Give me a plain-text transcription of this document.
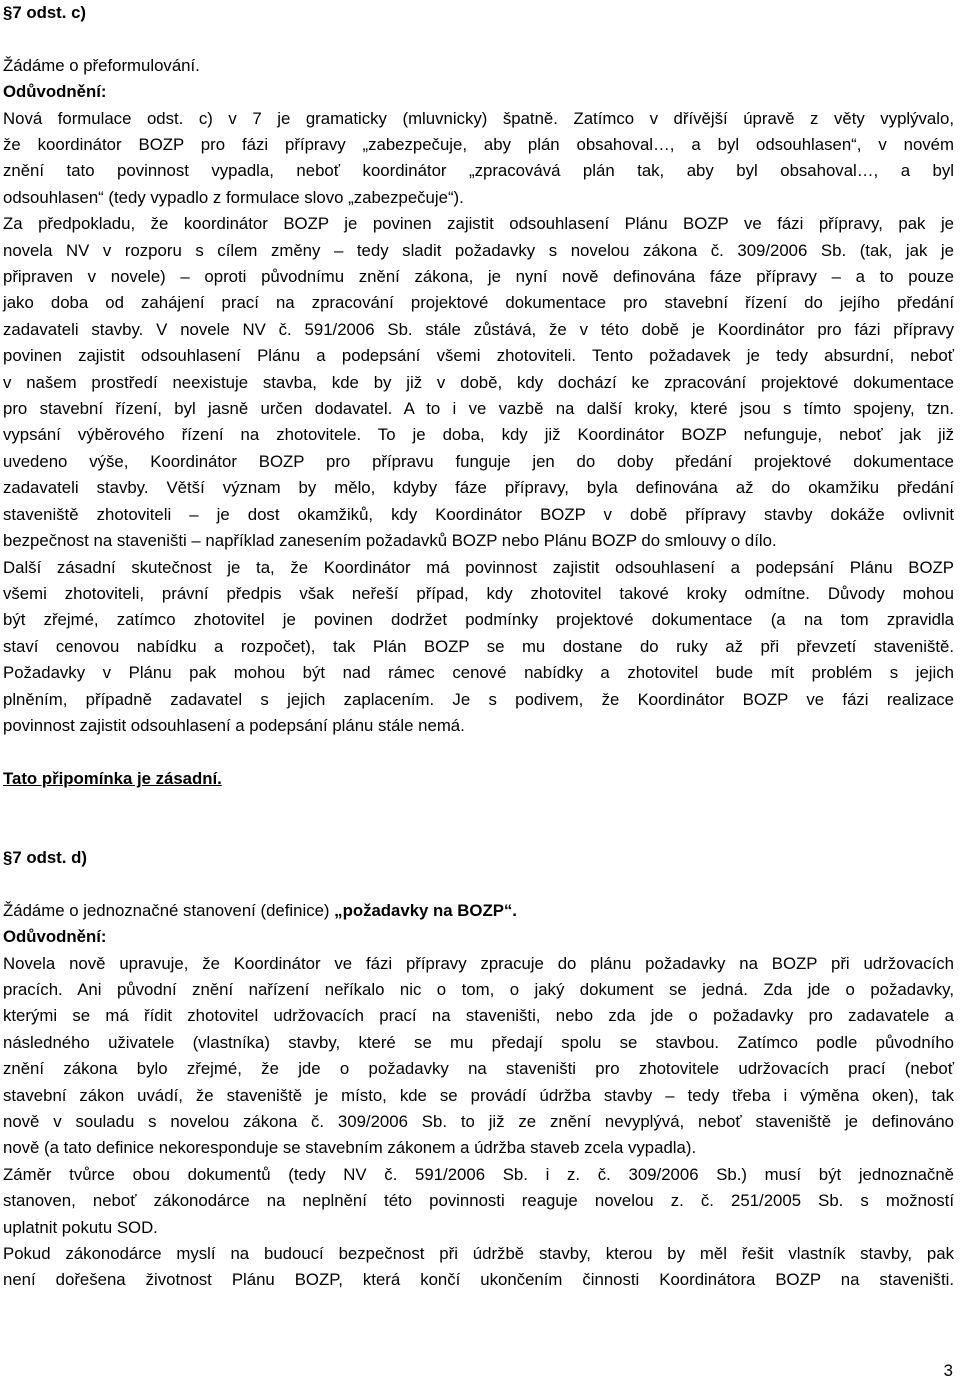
§7 odst. c)
Žádáme o přeformulování.
Odůvodnění:
Nová formulace odst. c) v 7 je gramaticky (mluvnicky) špatně. Zatímco v dřívější úpravě z věty vyplývalo,
že koordinátor BOZP pro fázi přípravy „zabezpečuje, aby plán obsahoval…, a byl odsouhlasen“, v novém
znění tato povinnost vypadla, neboť koordinátor „zpracovává plán tak, aby byl obsahoval…, a byl
odsouhlasen“ (tedy vypadlo z formulace slovo „zabezpečuje“).
Za předpokladu, že koordinátor BOZP je povinen zajistit odsouhlasení Plánu BOZP ve fázi přípravy, pak je
novela NV v rozporu s cílem změny – tedy sladit požadavky s novelou zákona č. 309/2006 Sb. (tak, jak je
připraven v novele) – oproti původnímu znění zákona, je nyní nově definována fáze přípravy – a to pouze
jako doba od zahájení prací na zpracování projektové dokumentace pro stavební řízení do jejího předání
zadavateli stavby. V novele NV č. 591/2006 Sb. stále zůstává, že v této době je Koordinátor pro fázi přípravy
povinen zajistit odsouhlasení Plánu a podepsání všemi zhotoviteli. Tento požadavek je tedy absurdní, neboť
v našem prostředí neexistuje stavba, kde by již v době, kdy dochází ke zpracování projektové dokumentace
pro stavební řízení, byl jasně určen dodavatel. A to i ve vazbě na další kroky, které jsou s tímto spojeny, tzn.
vypsání výběrového řízení na zhotovitele. To je doba, kdy již Koordinátor BOZP nefunguje, neboť jak již
uvedeno výše, Koordinátor BOZP pro přípravu funguje jen do doby předání projektové dokumentace
zadavateli stavby. Větší význam by mělo, kdyby fáze přípravy, byla definována až do okamžiku předání
staveniště zhotoviteli – je dost okamžiků, kdy Koordinátor BOZP v době přípravy stavby dokáže ovlivnit
bezpečnost na staveništi – například zanesením požadavků BOZP nebo Plánu BOZP do smlouvy o dílo.
Další zásadní skutečnost je ta, že Koordinátor má povinnost zajistit odsouhlasení a podepsání Plánu BOZP
všemi zhotoviteli, právní předpis však neřeší případ, kdy zhotovitel takové kroky odmítne. Důvody mohou
být zřejmé, zatímco zhotovitel je povinen dodržet podmínky projektové dokumentace (a na tom zpravidla
staví cenovou nabídku a rozpočet), tak Plán BOZP se mu dostane do ruky až při převzetí staveniště.
Požadavky v Plánu pak mohou být nad rámec cenové nabídky a zhotovitel bude mít problém s jejich
plněním, případně zadavatel s jejich zaplacením. Je s podivem, že Koordinátor BOZP ve fázi realizace
povinnost zajistit odsouhlasení a podepsání plánu stále nemá.
Tato připomínka je zásadní.
§7 odst. d)
Žádáme o jednoznačné stanovení (definice) „požadavky na BOZP“.
Odůvodnění:
Novela nově upravuje, že Koordinátor ve fázi přípravy zpracuje do plánu požadavky na BOZP při udržovacích
pracích. Ani původní znění nařízení neříkalo nic o tom, o jaký dokument se jedná. Zda jde o požadavky,
kterými se má řídit zhotovitel udržovacích prací na staveništi, nebo zda jde o požadavky pro zadavatele a
následného uživatele (vlastníka) stavby, které se mu předají spolu se stavbou. Zatímco podle původního
znění zákona bylo zřejmé, že jde o požadavky na staveništi pro zhotovitele udržovacích prací (neboť
stavební zákon uvádí, že staveniště je místo, kde se provádí údržba stavby – tedy třeba i výměna oken), tak
nově v souladu s novelou zákona č. 309/2006 Sb. to již ze znění nevyplývá, neboť staveniště je definováno
nově (a tato definice nekoresponduje se stavebním zákonem a údržba staveb zcela vypadla).
Záměr tvůrce obou dokumentů (tedy NV č. 591/2006 Sb. i z. č. 309/2006 Sb.) musí být jednoznačně
stanoven, neboť zákonodárce na neplnění této povinnosti reaguje novelou z. č. 251/2005 Sb. s možností
uplatnit pokutu SOD.
Pokud zákonodárce myslí na budoucí bezpečnost při údržbě stavby, kterou by měl řešit vlastník stavby, pak
není dořešena životnost Plánu BOZP, která končí ukončením činnosti Koordinátora BOZP na staveništi.
3
